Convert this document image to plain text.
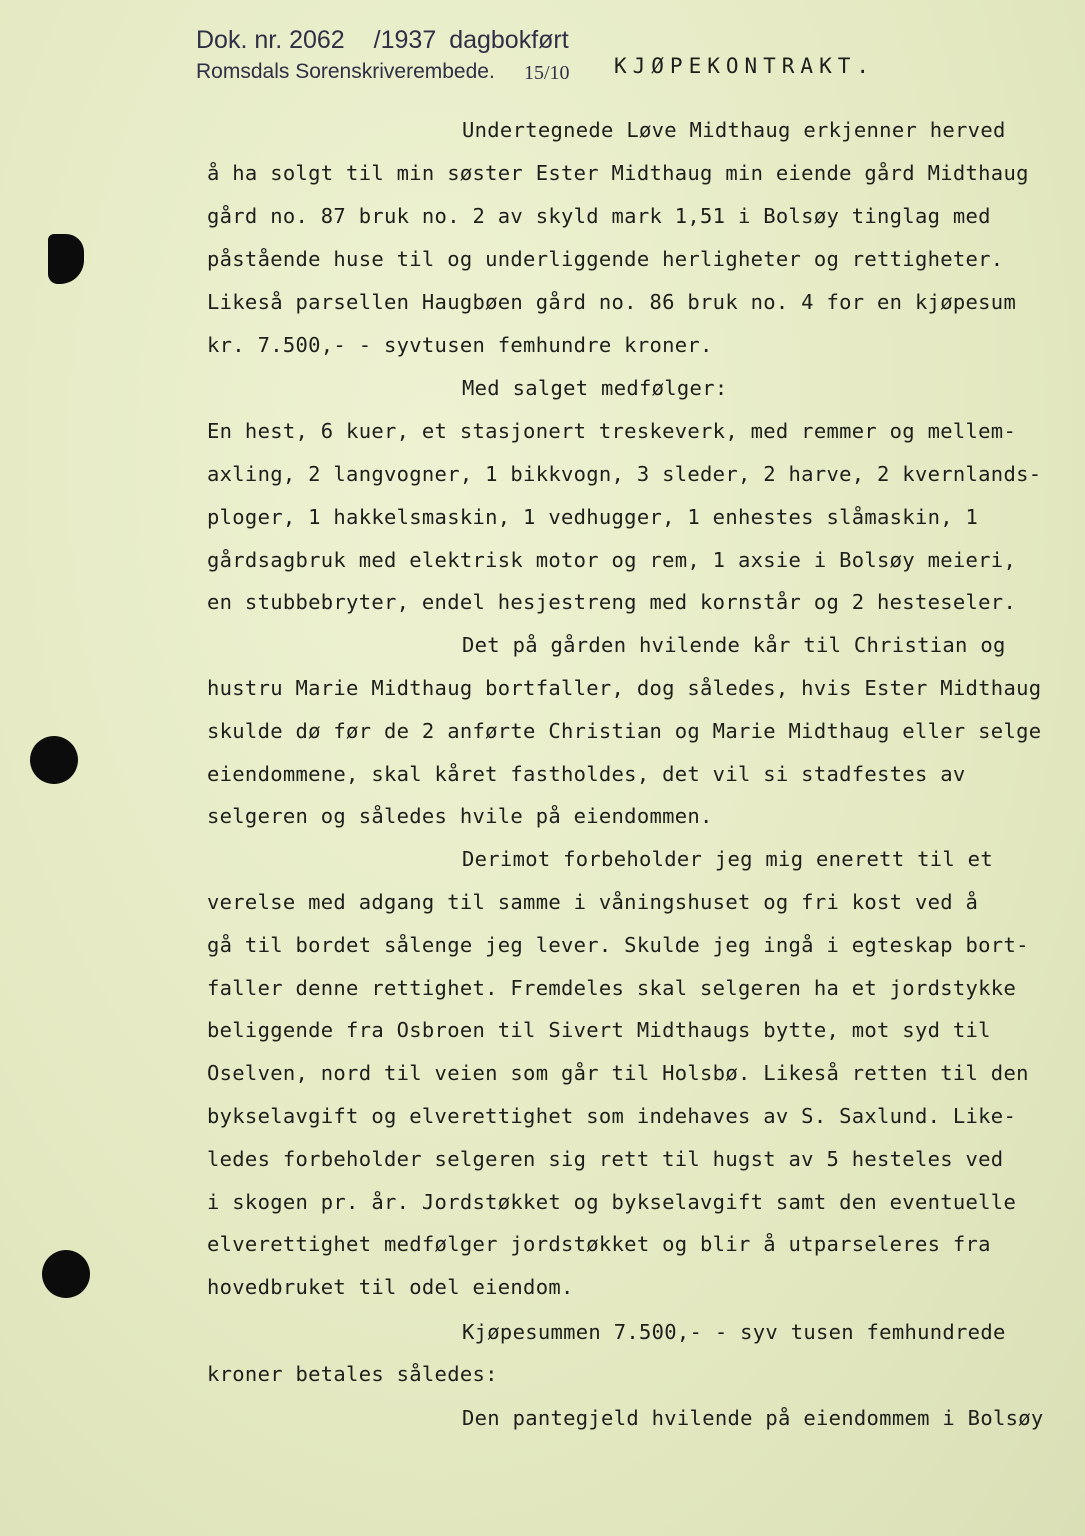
Dok. nr. 2062 /1937 dagbokført
Romsdals Sorenskriverembede. 15/10 KJØPEKONTRAKT.
Undertegnede Løve Midthaug erkjenner herved
å ha solgt til min søster Ester Midthaug min eiende gård Midthaug
gård no. 87 bruk no. 2 av skyld mark 1,51 i Bolsøy tinglag med
påstående huse til og underliggende herligheter og rettigheter.
Likeså parsellen Haugbøen gård no. 86 bruk no. 4 for en kjøpesum
kr. 7.500,- - syvtusen femhundre kroner.
Med salget medfølger:
En hest, 6 kuer, et stasjonert treskeverk, med remmer og mellem-
axling, 2 langvogner, 1 bikkvogn, 3 sleder, 2 harve, 2 kvernlands-
ploger, 1 hakkelsmaskin, 1 vedhugger, 1 enhestes slåmaskin, 1
gårdsagbruk med elektrisk motor og rem, 1 axsie i Bolsøy meieri,
en stubbebryter, endel hesjestreng med kornstår og 2 hesteseler.
Det på gården hvilende kår til Christian og
hustru Marie Midthaug bortfaller, dog således, hvis Ester Midthaug
skulde dø før de 2 anførte Christian og Marie Midthaug eller selge
eiendommene, skal kåret fastholdes, det vil si stadfestes av
selgeren og således hvile på eiendommen.
Derimot forbeholder jeg mig enerett til et
verelse med adgang til samme i våningshuset og fri kost ved å
gå til bordet sålenge jeg lever. Skulde jeg ingå i egteskap bort-
faller denne rettighet. Fremdeles skal selgeren ha et jordstykke
beliggende fra Osbroen til Sivert Midthaugs bytte, mot syd til
Oselven, nord til veien som går til Holsbø. Likeså retten til den
bykselavgift og elverettighet som indehaves av S. Saxlund. Like-
ledes forbeholder selgeren sig rett til hugst av 5 hesteles ved
i skogen pr. år. Jordstøkket og bykselavgift samt den eventuelle
elverettighet medfølger jordstøkket og blir å utparseleres fra
hovedbruket til odel eiendom.
Kjøpesummen 7.500,- - syv tusen femhundrede
kroner betales således:
Den pantegjeld hvilende på eiendommem i Bolsøy
